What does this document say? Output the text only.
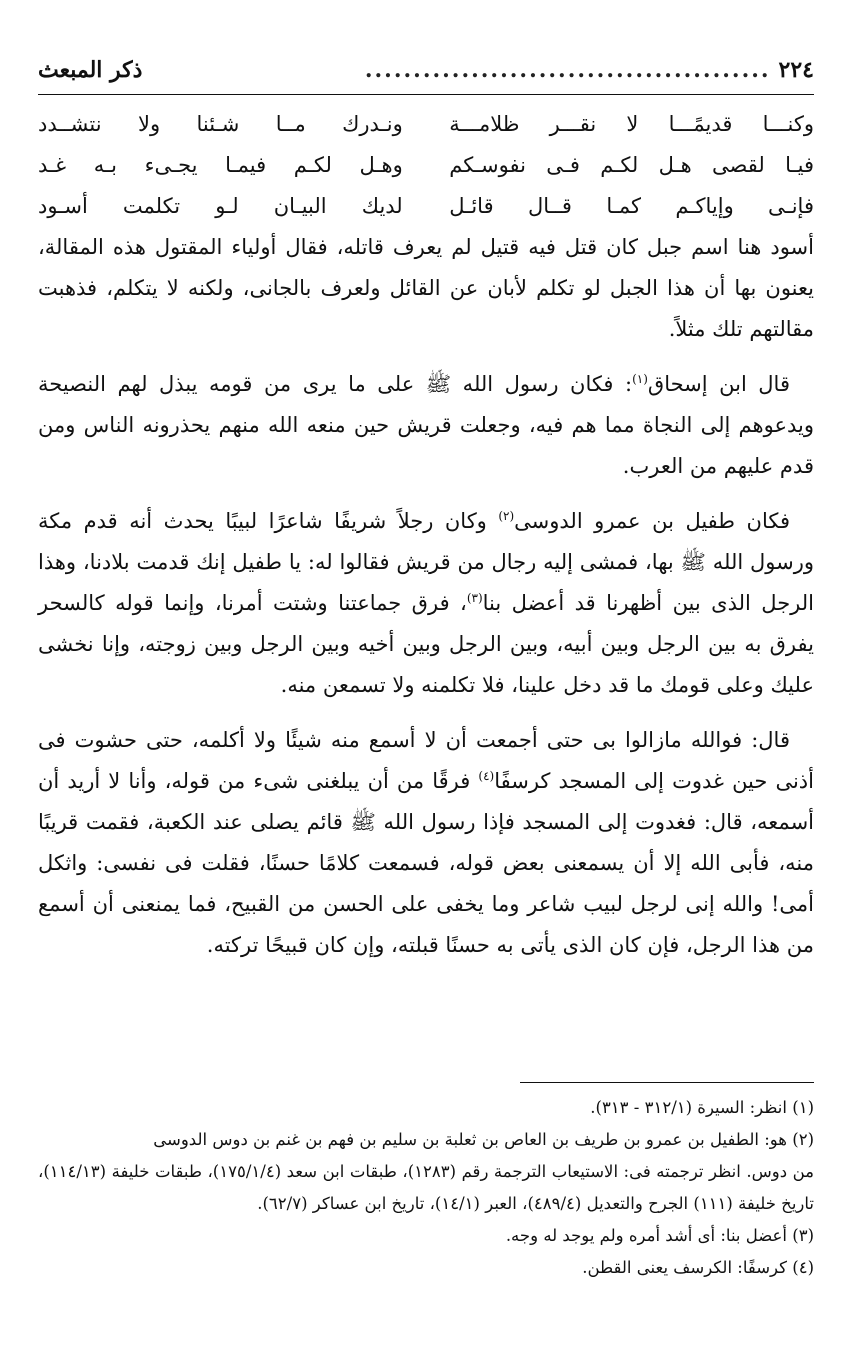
٢٢٤
..........................................
ذكر المبعث
وكنـــا قديمًـــا لا نقـــر ظلامـــة
ونـدرك مــا شـئنا ولا نتشــدد
فيـا لقصى هـل لكـم فـى نفوسـكم
وهـل لكـم فيمـا يجـىء بـه غـد
فإنـى وإياكـم كمـا قــال قائـل
لديك البيـان لـو تكلمت أسـود

أسود هنا اسم جبل كان قتل فيه قتيل لم يعرف قاتله، فقال أولياء المقتول هذه المقالة، يعنون بها أن هذا الجبل لو تكلم لأبان عن القائل ولعرف بالجانى، ولكنه لا يتكلم، فذهبت مقالتهم تلك مثلاً.

قال ابن إسحاق$^{(١)}$: فكان رسول الله ﷺ على ما يرى من قومه يبذل لهم النصيحة ويدعوهم إلى النجاة مما هم فيه، وجعلت قريش حين منعه الله منهم يحذرونه الناس ومن قدم عليهم من العرب.

فكان طفيل بن عمرو الدوسى$^{(٢)}$ وكان رجلاً شريفًا شاعرًا لبيبًا يحدث أنه قدم مكة ورسول الله ﷺ بها، فمشى إليه رجال من قريش فقالوا له: يا طفيل إنك قدمت بلادنا، وهذا الرجل الذى بين أظهرنا قد أعضل بنا$^{(٣)}$، فرق جماعتنا وشتت أمرنا، وإنما قوله كالسحر يفرق به بين الرجل وبين أبيه، وبين الرجل وبين أخيه وبين الرجل وبين زوجته، وإنا نخشى عليك وعلى قومك ما قد دخل علينا، فلا تكلمنه ولا تسمعن منه.

قال: فوالله مازالوا بى حتى أجمعت أن لا أسمع منه شيئًا ولا أكلمه، حتى حشوت فى أذنى حين غدوت إلى المسجد كرسفًا$^{(٤)}$ فرقًا من أن يبلغنى شىء من قوله، وأنا لا أريد أن أسمعه، قال: فغدوت إلى المسجد فإذا رسول الله ﷺ قائم يصلى عند الكعبة، فقمت قريبًا منه، فأبى الله إلا أن يسمعنى بعض قوله، فسمعت كلامًا حسنًا، فقلت فى نفسى: واثكل أمى! والله إنى لرجل لبيب شاعر وما يخفى على الحسن من القبيح، فما يمنعنى أن أسمع من هذا الرجل، فإن كان الذى يأتى به حسنًا قبلته، وإن كان قبيحًا تركته.

(١) انظر: السيرة (٣١٢/١ - ٣١٣).

(٢) هو: الطفيل بن عمرو بن طريف بن العاص بن ثعلبة بن سليم بن فهم بن غنم بن دوس الدوسى

من دوس. انظر ترجمته فى: الاستيعاب الترجمة رقم (١٢٨٣)، طبقات ابن سعد (١٧٥/١/٤)، طبقات خليفة (١١٤/١٣)، تاريخ خليفة (١١١) الجرح والتعديل (٤٨٩/٤)، العبر (١٤/١)، تاريخ ابن عساكر (٦٢/٧).

(٣) أعضل بنا: أى أشد أمره ولم يوجد له وجه.

(٤) كرسفًا: الكرسف يعنى القطن.
